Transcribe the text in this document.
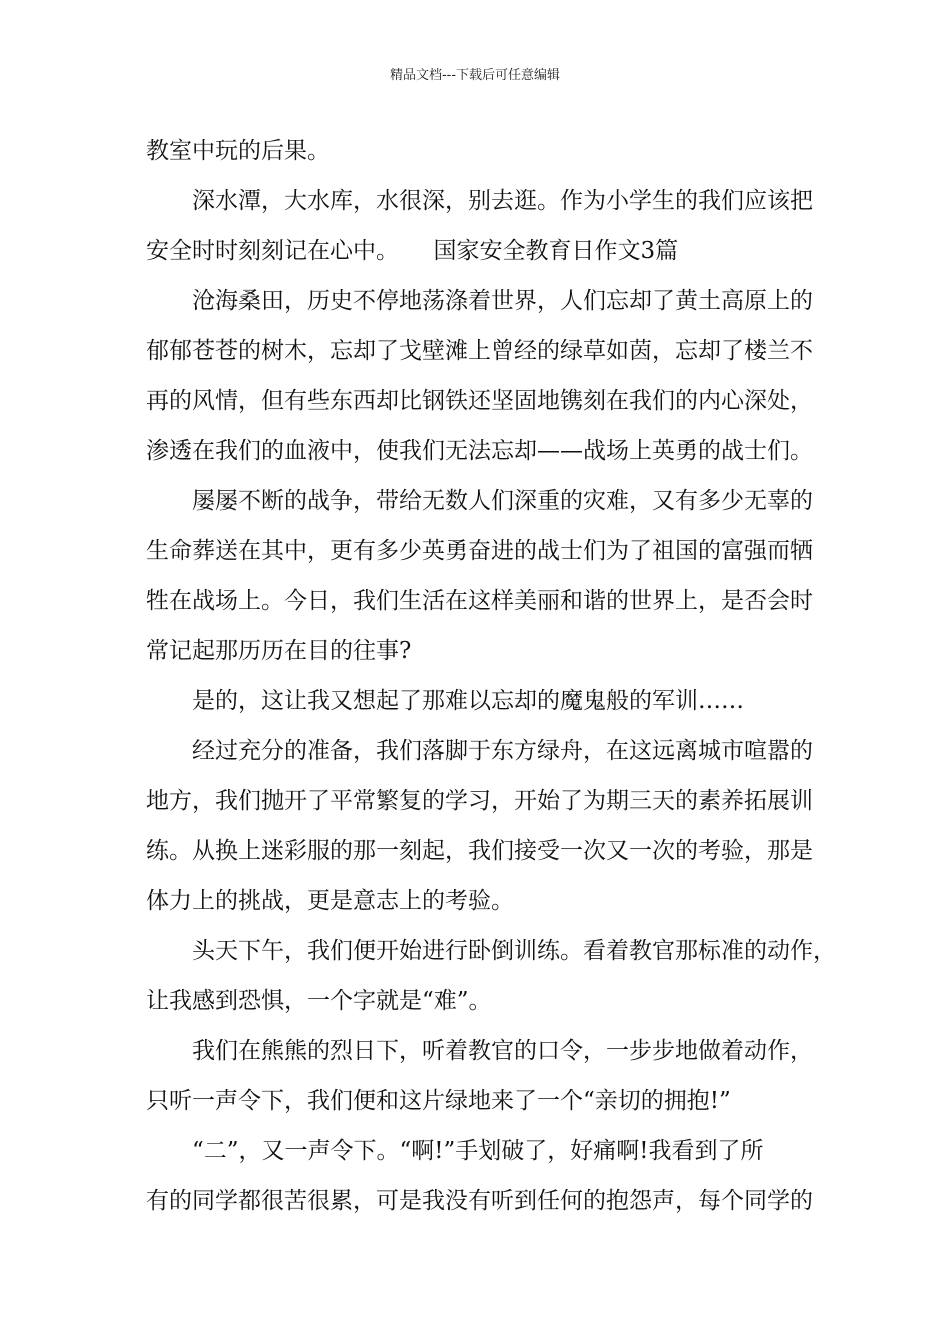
精品文档---下载后可任意编辑
教室中玩的后果。
　　深水潭，大水库，水很深，别去逛。作为小学生的我们应该把
安全时时刻刻记在心中。　　国家安全教育日作文3篇
　　沧海桑田，历史不停地荡涤着世界，人们忘却了黄土高原上的
郁郁苍苍的树木，忘却了戈壁滩上曾经的绿草如茵，忘却了楼兰不
再的风情，但有些东西却比钢铁还坚固地镌刻在我们的内心深处，
渗透在我们的血液中，使我们无法忘却——战场上英勇的战士们。
　　屡屡不断的战争，带给无数人们深重的灾难，又有多少无辜的
生命葬送在其中，更有多少英勇奋进的战士们为了祖国的富强而牺
牲在战场上。今日，我们生活在这样美丽和谐的世界上，是否会时
常记起那历历在目的往事?
　　是的，这让我又想起了那难以忘却的魔鬼般的军训……
　　经过充分的准备，我们落脚于东方绿舟，在这远离城市喧嚣的
地方，我们抛开了平常繁复的学习，开始了为期三天的素养拓展训
练。从换上迷彩服的那一刻起，我们接受一次又一次的考验，那是
体力上的挑战，更是意志上的考验。
　　头天下午，我们便开始进行卧倒训练。看着教官那标准的动作，
让我感到恐惧，一个字就是“难”。
　　我们在熊熊的烈日下，听着教官的口令，一步步地做着动作，
只听一声令下，我们便和这片绿地来了一个“亲切的拥抱!”
　　“二”，又一声令下。“啊!”手划破了，好痛啊!我看到了所
有的同学都很苦很累，可是我没有听到任何的抱怨声，每个同学的
